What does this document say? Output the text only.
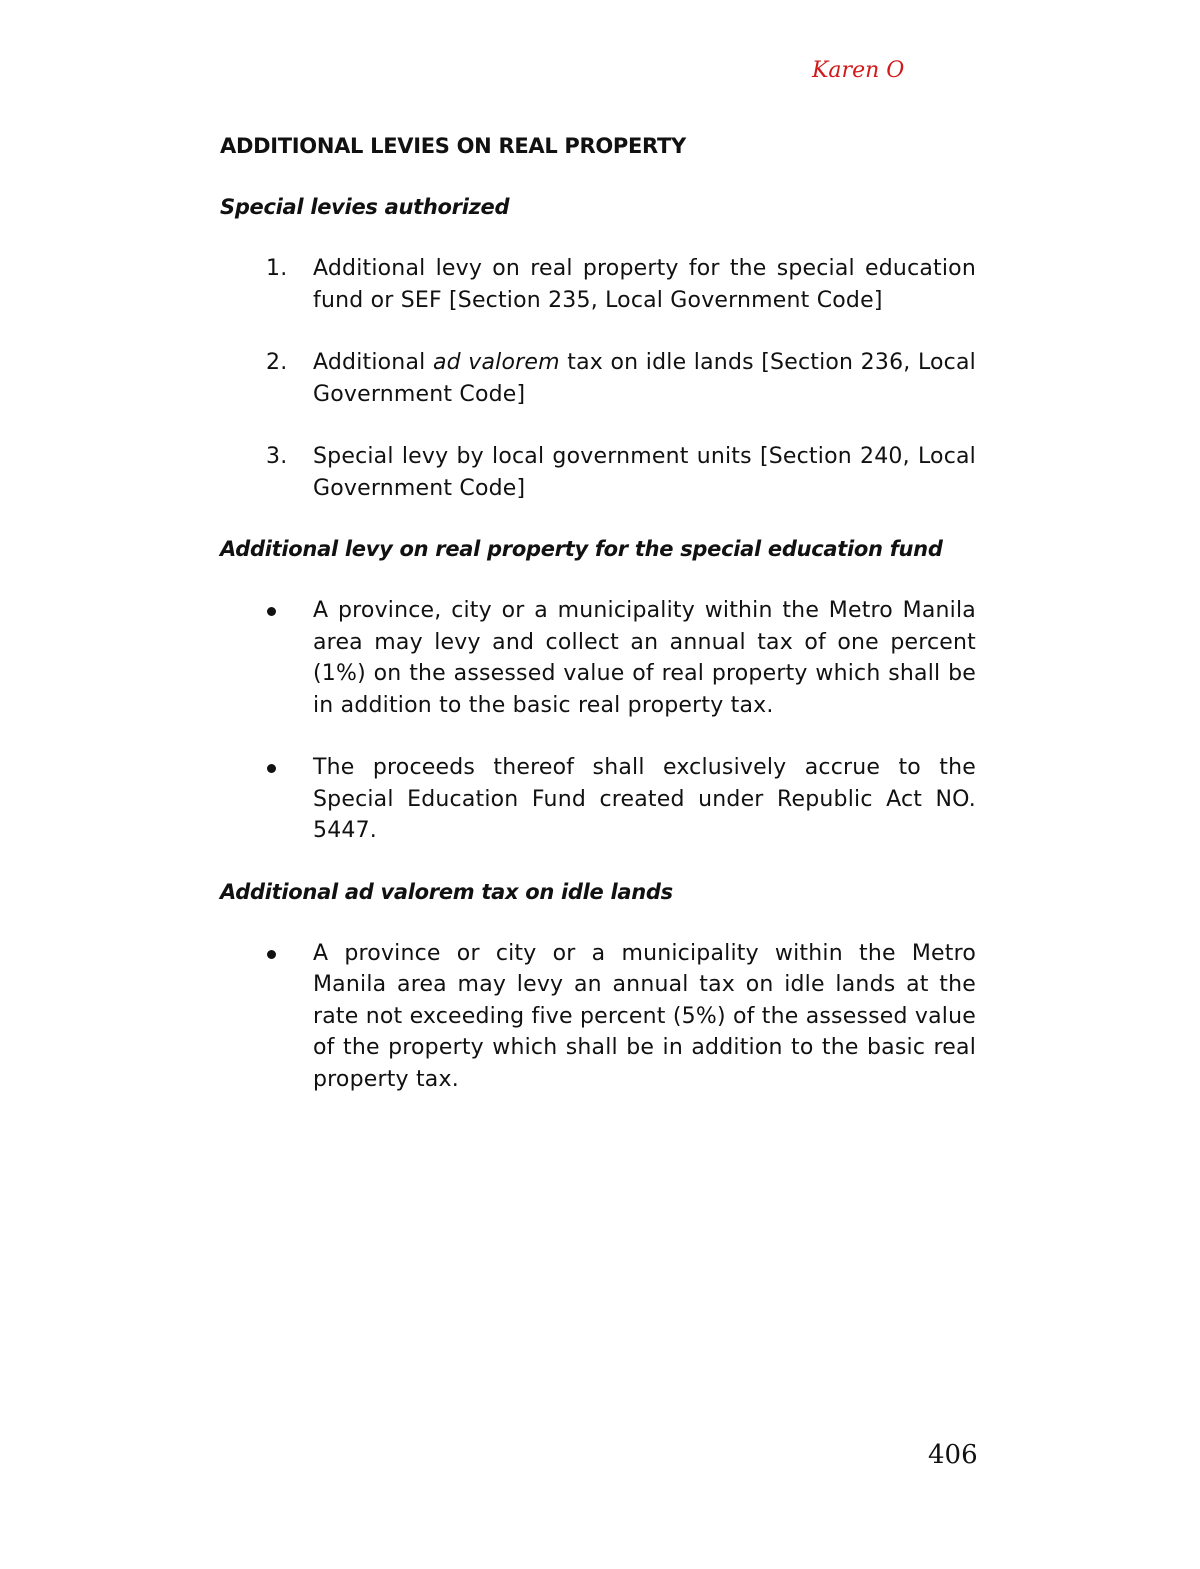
Karen O
ADDITIONAL LEVIES ON REAL PROPERTY
Special levies authorized
1. Additional levy on real property for the special education fund or SEF [Section 235, Local Government Code]
2. Additional ad valorem tax on idle lands [Section 236, Local Government Code]
3. Special levy by local government units [Section 240, Local Government Code]
Additional levy on real property for the special education fund
A province, city or a municipality within the Metro Manila area may levy and collect an annual tax of one percent (1%) on the assessed value of real property which shall be in addition to the basic real property tax.
The proceeds thereof shall exclusively accrue to the Special Education Fund created under Republic Act NO. 5447.
Additional ad valorem tax on idle lands
A province or city or a municipality within the Metro Manila area may levy an annual tax on idle lands at the rate not exceeding five percent (5%) of the assessed value of the property which shall be in addition to the basic real property tax.
406
